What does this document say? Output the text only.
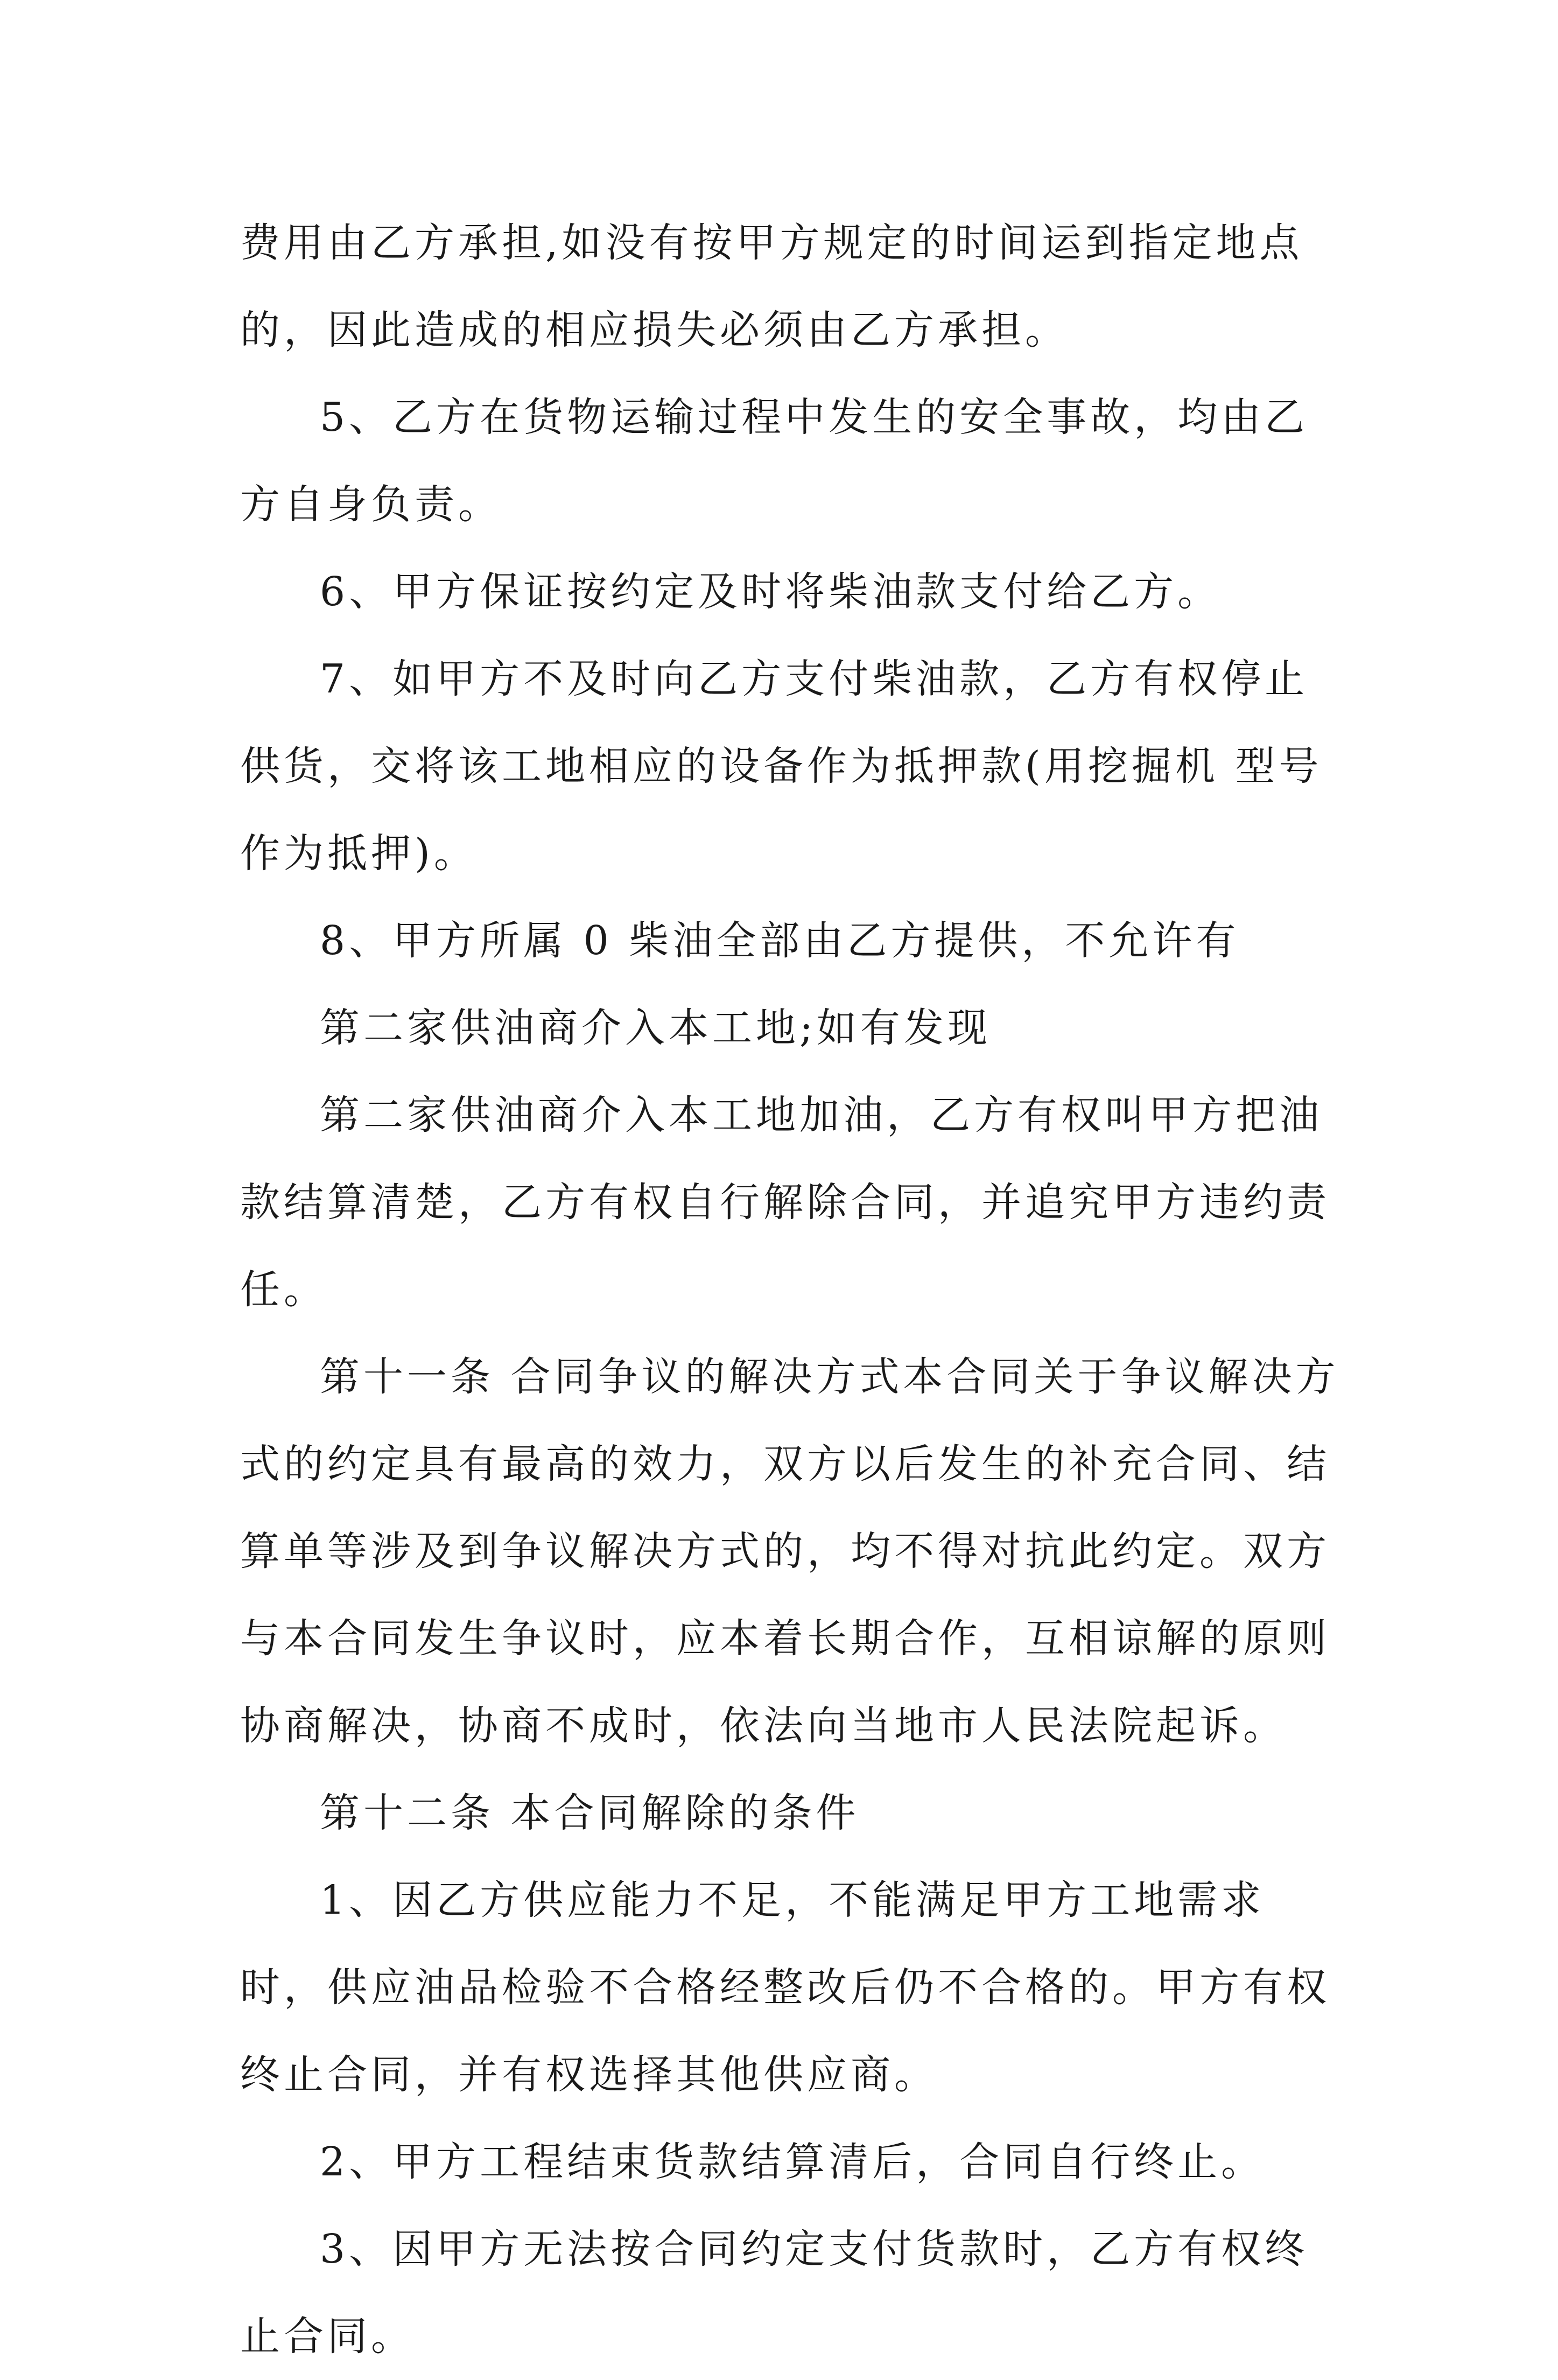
费用由乙方承担,如没有按甲方规定的时间运到指定地点的，因此造成的相应损失必须由乙方承担。

5、乙方在货物运输过程中发生的安全事故，均由乙方自身负责。

6、甲方保证按约定及时将柴油款支付给乙方。

7、如甲方不及时向乙方支付柴油款，乙方有权停止供货，交将该工地相应的设备作为抵押款(用挖掘机 型号作为抵押)。

8、甲方所属 0 柴油全部由乙方提供，不允许有

第二家供油商介入本工地;如有发现

第二家供油商介入本工地加油，乙方有权叫甲方把油款结算清楚，乙方有权自行解除合同，并追究甲方违约责任。

第十一条 合同争议的解决方式本合同关于争议解决方式的约定具有最高的效力，双方以后发生的补充合同、结算单等涉及到争议解决方式的，均不得对抗此约定。双方与本合同发生争议时，应本着长期合作，互相谅解的原则协商解决，协商不成时，依法向当地市人民法院起诉。

第十二条 本合同解除的条件

1、因乙方供应能力不足，不能满足甲方工地需求时，供应油品检验不合格经整改后仍不合格的。甲方有权终止合同，并有权选择其他供应商。

2、甲方工程结束货款结算清后，合同自行终止。

3、因甲方无法按合同约定支付货款时，乙方有权终止合同。
